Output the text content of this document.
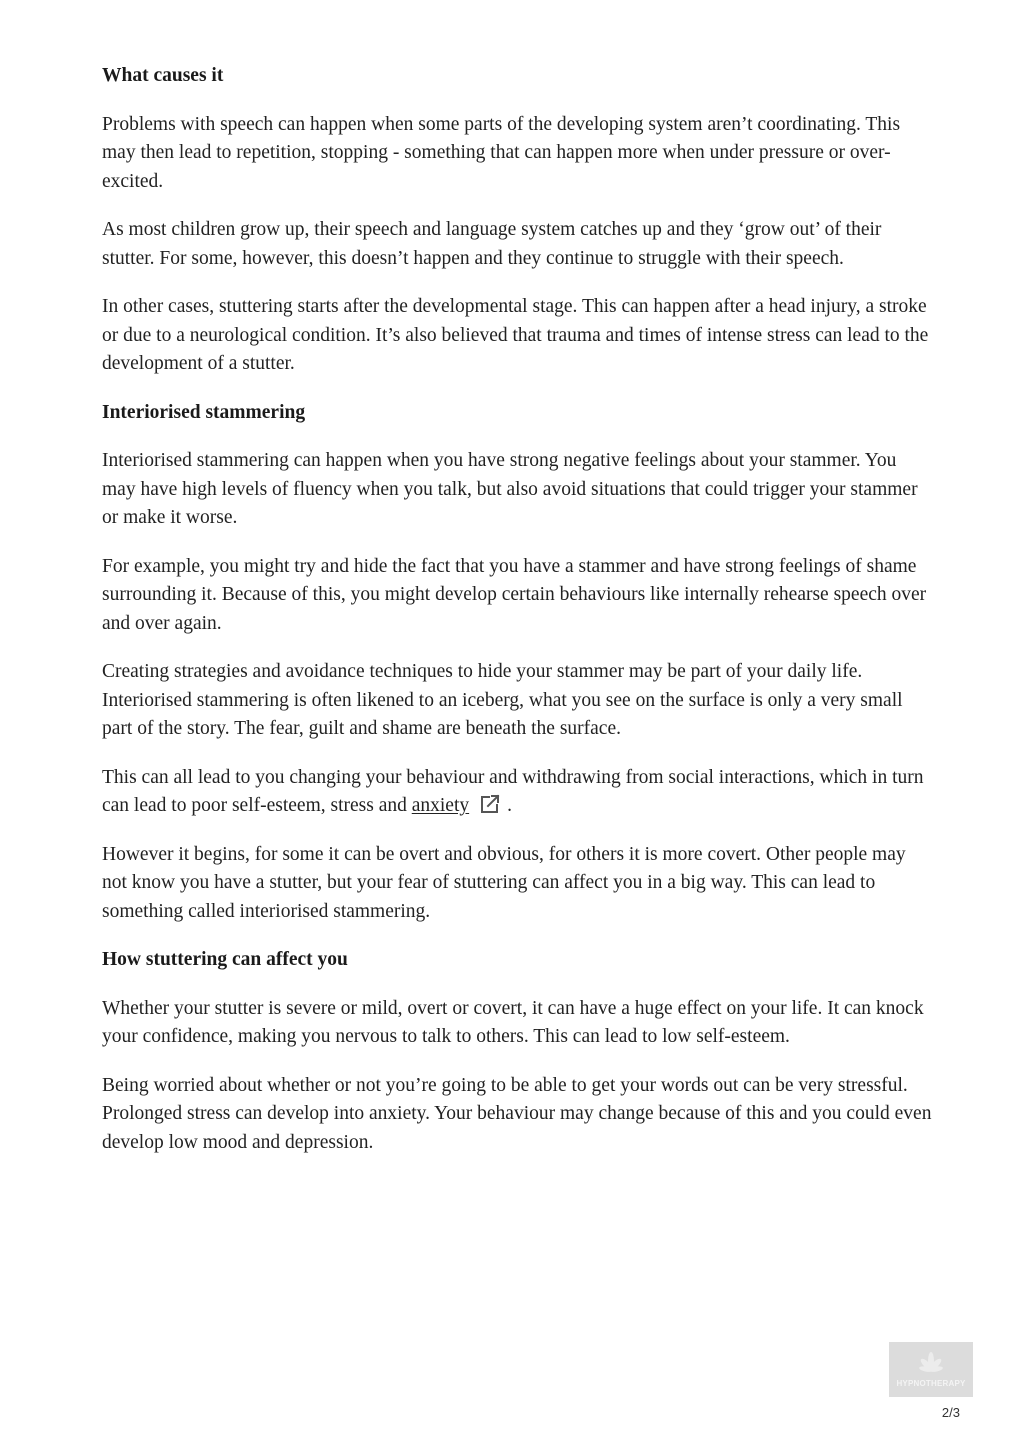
What causes it

Problems with speech can happen when some parts of the developing system aren’t coordinating. This may then lead to repetition, stopping - something that can happen more when under pressure or over-excited.

As most children grow up, their speech and language system catches up and they ‘grow out’ of their stutter. For some, however, this doesn’t happen and they continue to struggle with their speech.

In other cases, stuttering starts after the developmental stage. This can happen after a head injury, a stroke or due to a neurological condition. It’s also believed that trauma and times of intense stress can lead to the development of a stutter.

Interiorised stammering

Interiorised stammering can happen when you have strong negative feelings about your stammer. You may have high levels of fluency when you talk, but also avoid situations that could trigger your stammer or make it worse.

For example, you might try and hide the fact that you have a stammer and have strong feelings of shame surrounding it. Because of this, you might develop certain behaviours like internally rehearse speech over and over again.

Creating strategies and avoidance techniques to hide your stammer may be part of your daily life. Interiorised stammering is often likened to an iceberg, what you see on the surface is only a very small part of the story. The fear, guilt and shame are beneath the surface.

This can all lead to you changing your behaviour and withdrawing from social interactions, which in turn can lead to poor self-esteem, stress and anxiety .

However it begins, for some it can be overt and obvious, for others it is more covert. Other people may not know you have a stutter, but your fear of stuttering can affect you in a big way. This can lead to something called interiorised stammering.

How stuttering can affect you

Whether your stutter is severe or mild, overt or covert, it can have a huge effect on your life. It can knock your confidence, making you nervous to talk to others. This can lead to low self-esteem.

Being worried about whether or not you’re going to be able to get your words out can be very stressful. Prolonged stress can develop into anxiety. Your behaviour may change because of this and you could even develop low mood and depression.

HYPNOTHERAPY
2/3
